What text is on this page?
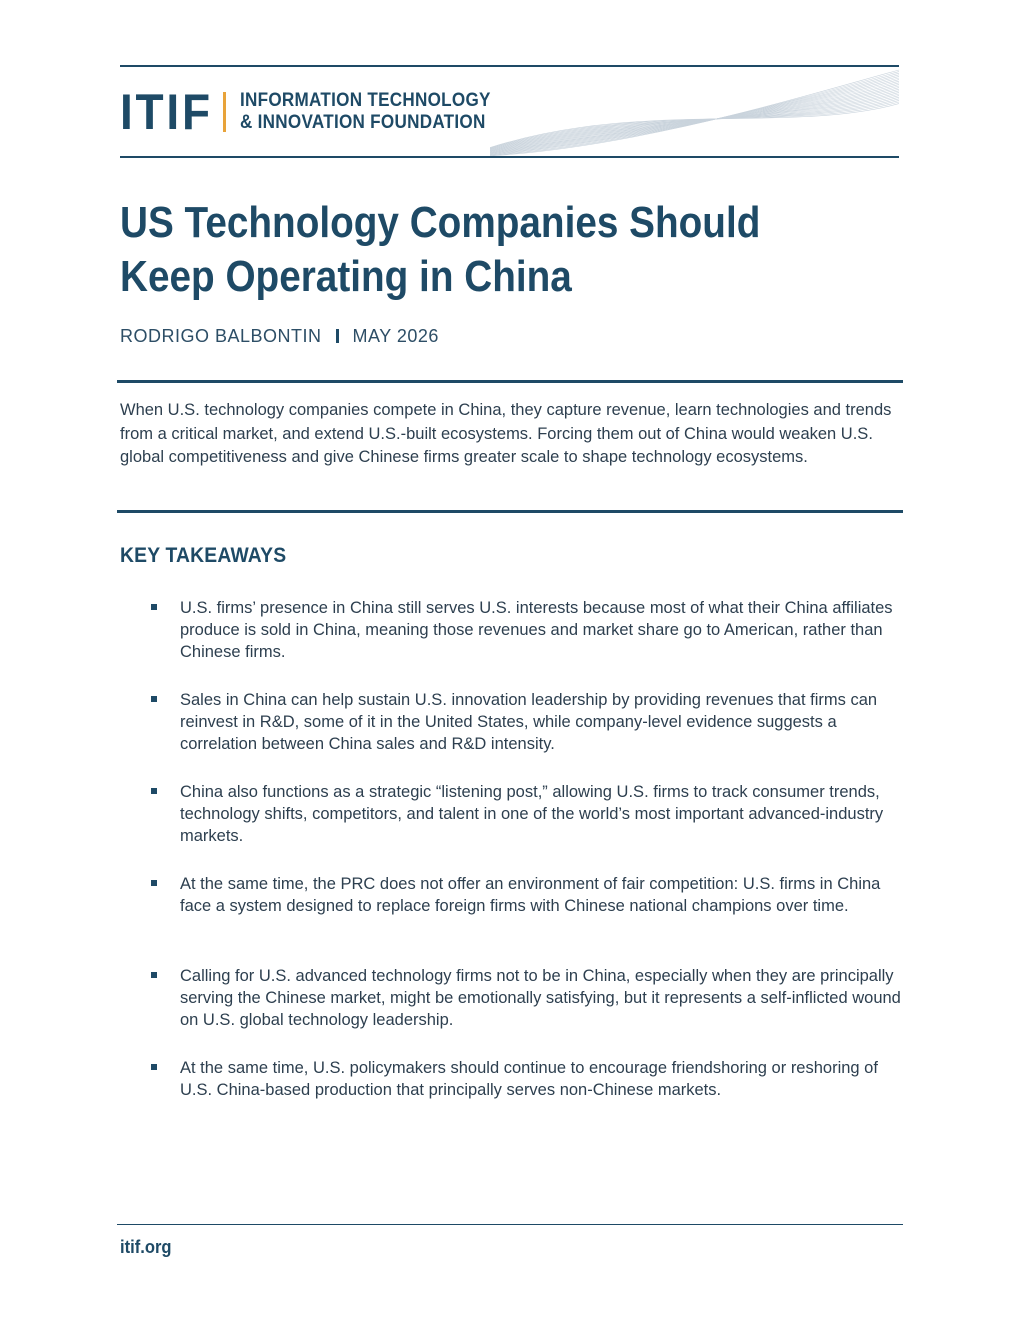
ITIF INFORMATION TECHNOLOGY
& INNOVATION FOUNDATION
US Technology Companies Should Keep Operating in China
RODRIGO BALBONTIN MAY 2026

When U.S. technology companies compete in China, they capture revenue, learn technologies and trends from a critical market, and extend U.S.-built ecosystems. Forcing them out of China would weaken U.S. global competitiveness and give Chinese firms greater scale to shape technology ecosystems.

KEY TAKEAWAYS
U.S. firms’ presence in China still serves U.S. interests because most of what their China affiliates produce is sold in China, meaning those revenues and market share go to American, rather than Chinese firms.
Sales in China can help sustain U.S. innovation leadership by providing revenues that firms can reinvest in R&D, some of it in the United States, while company-level evidence suggests a correlation between China sales and R&D intensity.
China also functions as a strategic “listening post,” allowing U.S. firms to track consumer trends, technology shifts, competitors, and talent in one of the world’s most important advanced-industry markets.
At the same time, the PRC does not offer an environment of fair competition: U.S. firms in China face a system designed to replace foreign firms with Chinese national champions over time.
Calling for U.S. advanced technology firms not to be in China, especially when they are principally serving the Chinese market, might be emotionally satisfying, but it represents a self-inflicted wound on U.S. global technology leadership.
At the same time, U.S. policymakers should continue to encourage friendshoring or reshoring of U.S. China-based production that principally serves non-Chinese markets.
itif.org
